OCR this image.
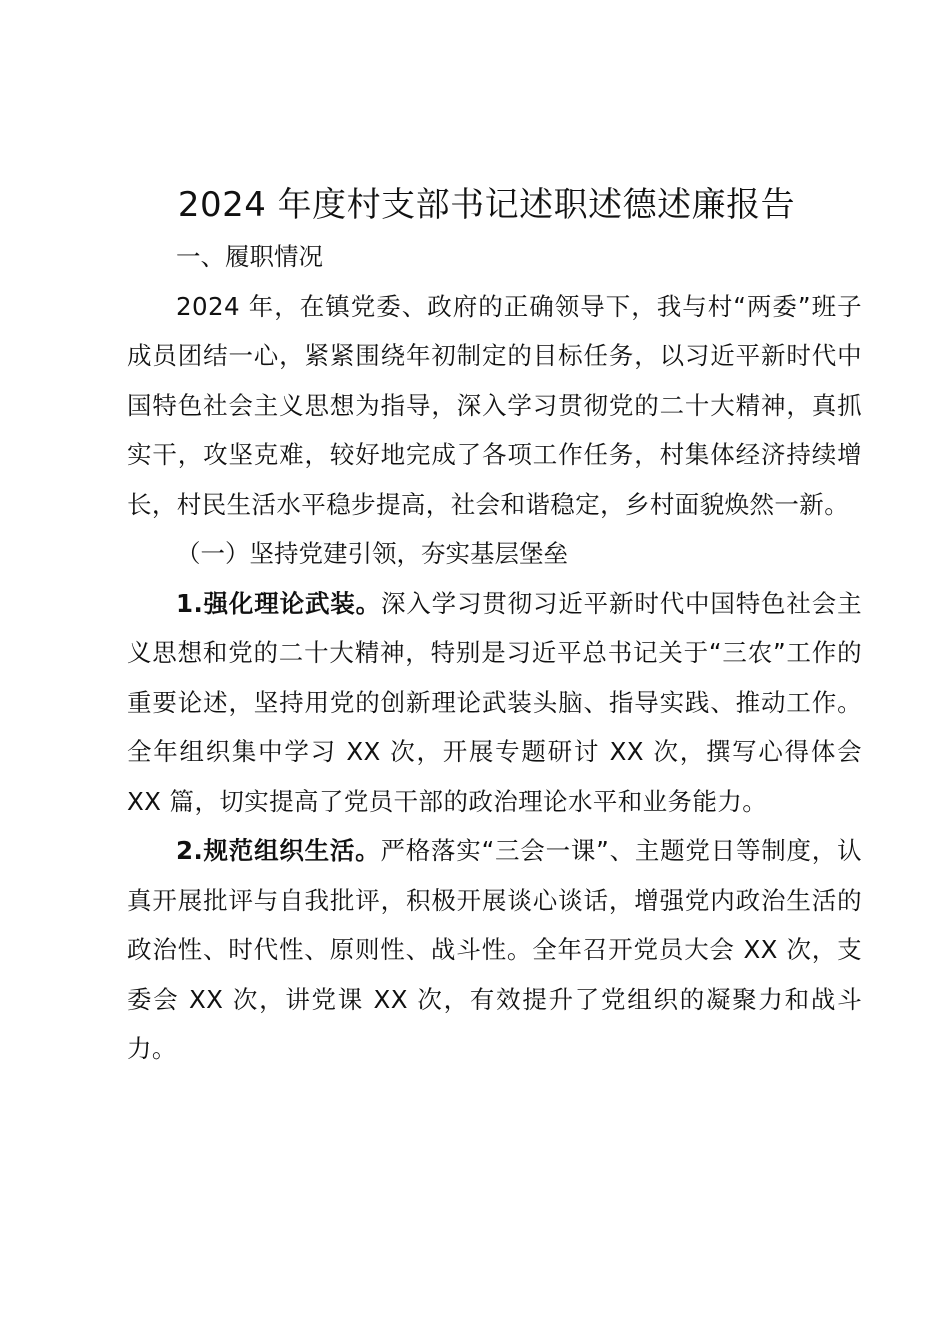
2024 年度村支部书记述职述德述廉报告

一、履职情况

2024 年，在镇党委、政府的正确领导下，我与村“两委”班子成员团结一心，紧紧围绕年初制定的目标任务，以习近平新时代中国特色社会主义思想为指导，深入学习贯彻党的二十大精神，真抓实干，攻坚克难，较好地完成了各项工作任务，村集体经济持续增长，村民生活水平稳步提高，社会和谐稳定，乡村面貌焕然一新。

（一）坚持党建引领，夯实基层堡垒

1.强化理论武装。深入学习贯彻习近平新时代中国特色社会主义思想和党的二十大精神，特别是习近平总书记关于“三农”工作的重要论述，坚持用党的创新理论武装头脑、指导实践、推动工作。全年组织集中学习 XX 次，开展专题研讨 XX 次，撰写心得体会 XX 篇，切实提高了党员干部的政治理论水平和业务能力。

2.规范组织生活。严格落实“三会一课”、主题党日等制度，认真开展批评与自我批评，积极开展谈心谈话，增强党内政治生活的政治性、时代性、原则性、战斗性。全年召开党员大会 XX 次，支委会 XX 次，讲党课 XX 次，有效提升了党组织的凝聚力和战斗力。
